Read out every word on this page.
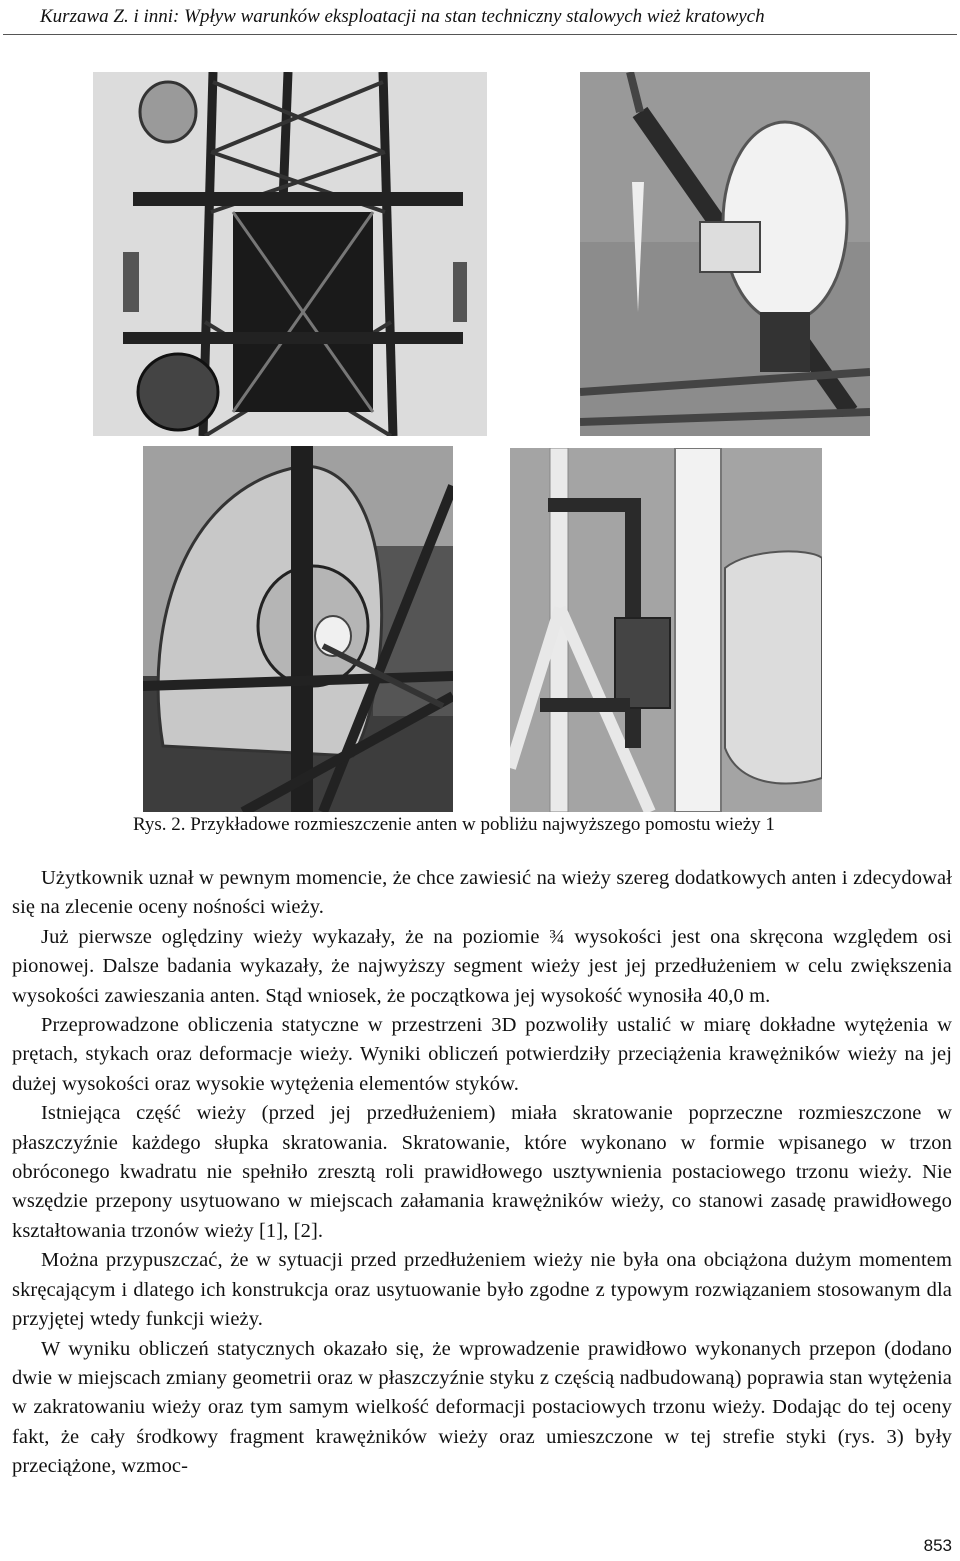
Kurzawa Z. i inni: Wpływ warunków eksploatacji na stan techniczny stalowych wież kratowych
Rys. 2. Przykładowe rozmieszczenie anten w pobliżu najwyższego pomostu wieży 1

Użytkownik uznał w pewnym momencie, że chce zawiesić na wieży szereg dodatkowych anten i zdecydował się na zlecenie oceny nośności wieży.

Już pierwsze oględziny wieży wykazały, że na poziomie ¾ wysokości jest ona skręcona względem osi pionowej. Dalsze badania wykazały, że najwyższy segment wieży jest jej przedłużeniem w celu zwiększenia wysokości zawieszania anten. Stąd wniosek, że początkowa jej wysokość wynosiła 40,0 m.

Przeprowadzone obliczenia statyczne w przestrzeni 3D pozwoliły ustalić w miarę dokładne wytężenia w prętach, stykach oraz deformacje wieży. Wyniki obliczeń potwierdziły przeciążenia krawężników wieży na jej dużej wysokości oraz wysokie wytężenia elementów styków.

Istniejąca część wieży (przed jej przedłużeniem) miała skratowanie poprzeczne rozmieszczone w płaszczyźnie każdego słupka skratowania. Skratowanie, które wykonano w formie wpisanego w trzon obróconego kwadratu nie spełniło zresztą roli prawidłowego usztywnienia postaciowego trzonu wieży. Nie wszędzie przepony usytuowano w miejscach załamania krawężników wieży, co stanowi zasadę prawidłowego kształtowania trzonów wieży [1], [2].

Można przypuszczać, że w sytuacji przed przedłużeniem wieży nie była ona obciążona dużym momentem skręcającym i dlatego ich konstrukcja oraz usytuowanie było zgodne z typowym rozwiązaniem stosowanym dla przyjętej wtedy funkcji wieży.

W wyniku obliczeń statycznych okazało się, że wprowadzenie prawidłowo wykonanych przepon (dodano dwie w miejscach zmiany geometrii oraz w płaszczyźnie styku z częścią nadbudowaną) poprawia stan wytężenia w zakratowaniu wieży oraz tym samym wielkość deformacji postaciowych trzonu wieży. Dodając do tej oceny fakt, że cały środkowy fragment krawężników wieży oraz umieszczone w tej strefie styki (rys. 3) były przeciążone, wzmoc-

853
